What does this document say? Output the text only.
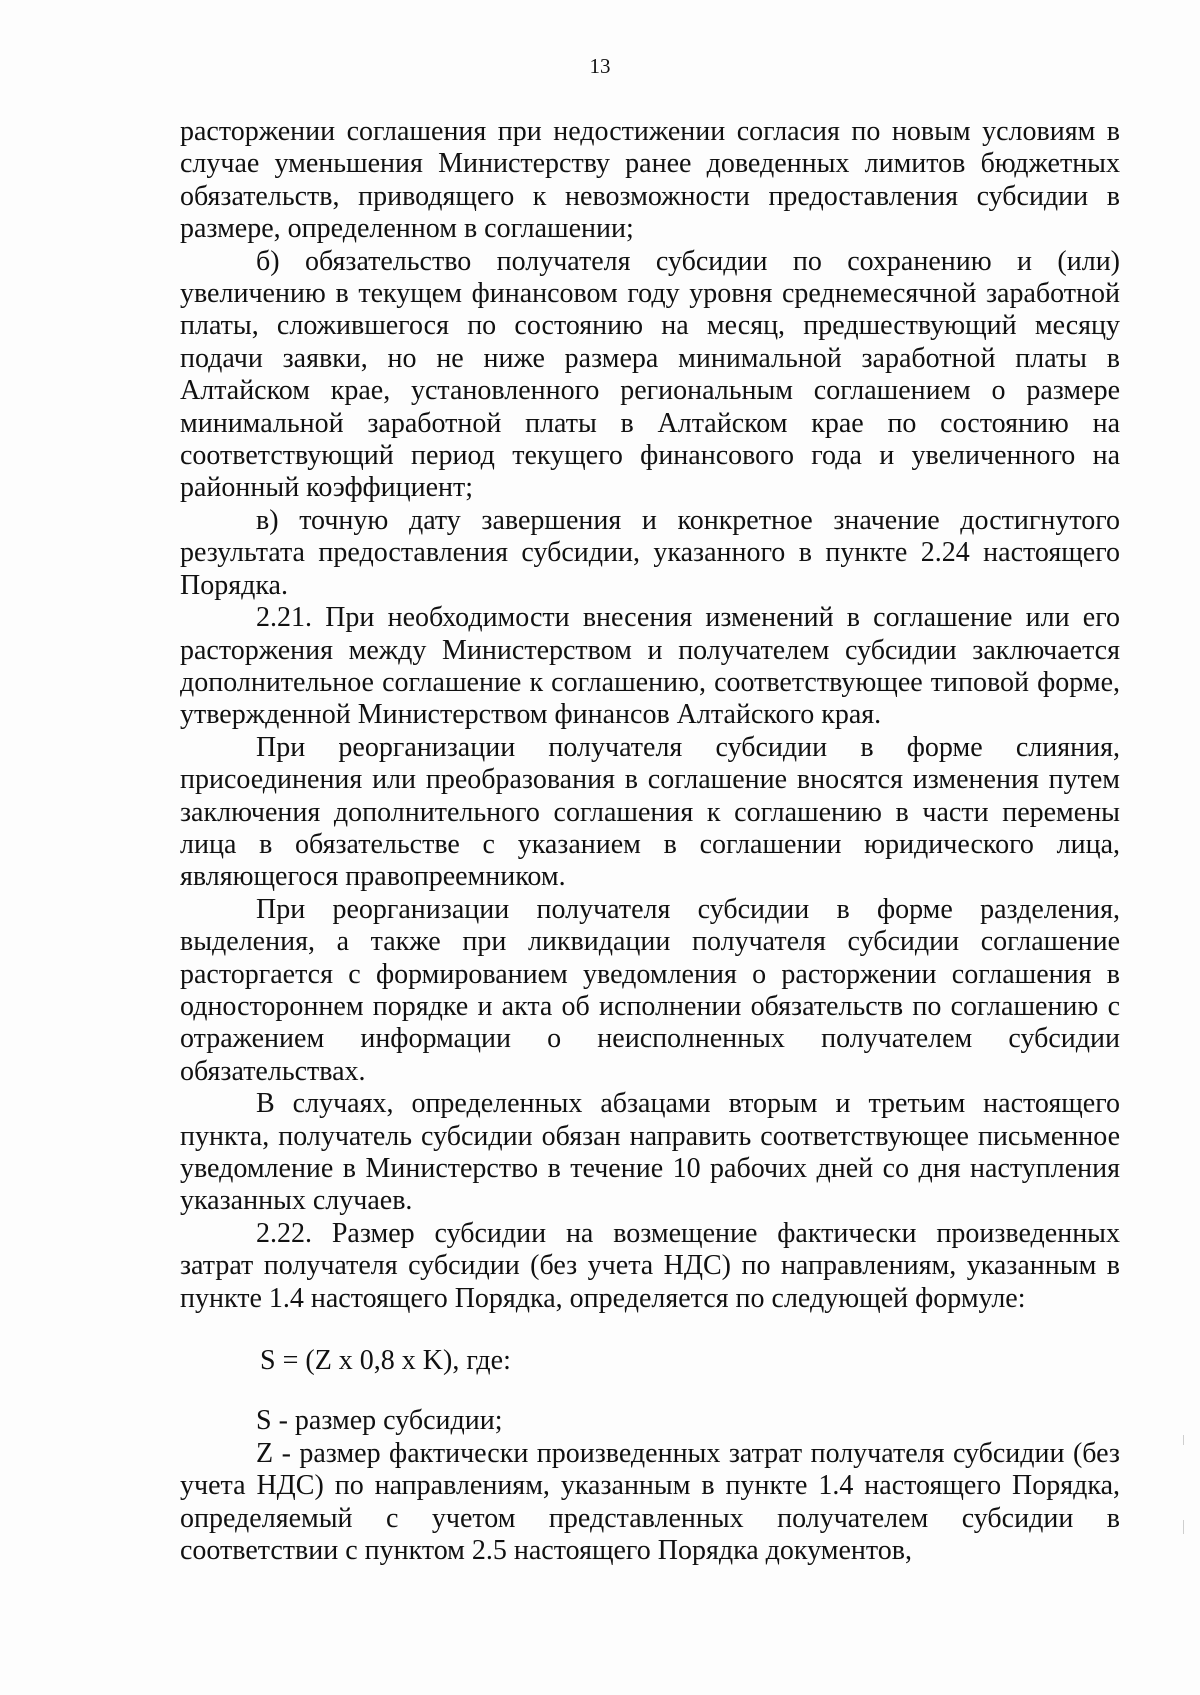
13

расторжении соглашения при недостижении согласия по новым условиям в случае уменьшения Министерству ранее доведенных лимитов бюджетных обязательств, приводящего к невозможности предоставления субсидии в размере, определенном в соглашении;

б) обязательство получателя субсидии по сохранению и (или) увеличению в текущем финансовом году уровня среднемесячной заработной платы, сложившегося по состоянию на месяц, предшествующий месяцу подачи заявки, но не ниже размера минимальной заработной платы в Алтайском крае, установленного региональным соглашением о размере минимальной заработной платы в Алтайском крае по состоянию на соответствующий период текущего финансового года и увеличенного на районный коэффициент;

в) точную дату завершения и конкретное значение достигнутого результата предоставления субсидии, указанного в пункте 2.24 настоящего Порядка.

2.21. При необходимости внесения изменений в соглашение или его расторжения между Министерством и получателем субсидии заключается дополнительное соглашение к соглашению, соответствующее типовой форме, утвержденной Министерством финансов Алтайского края.

При реорганизации получателя субсидии в форме слияния, присоединения или преобразования в соглашение вносятся изменения путем заключения дополнительного соглашения к соглашению в части перемены лица в обязательстве с указанием в соглашении юридического лица, являющегося правопреемником.

При реорганизации получателя субсидии в форме разделения, выделения, а также при ликвидации получателя субсидии соглашение расторгается с формированием уведомления о расторжении соглашения в одностороннем порядке и акта об исполнении обязательств по соглашению с отражением информации о неисполненных получателем субсидии обязательствах.

В случаях, определенных абзацами вторым и третьим настоящего пункта, получатель субсидии обязан направить соответствующее письменное уведомление в Министерство в течение 10 рабочих дней со дня наступления указанных случаев.

2.22. Размер субсидии на возмещение фактически произведенных затрат получателя субсидии (без учета НДС) по направлениям, указанным в пункте 1.4 настоящего Порядка, определяется по следующей формуле:

S = (Z x 0,8 x K), где:

S - размер субсидии;

Z - размер фактически произведенных затрат получателя субсидии (без учета НДС) по направлениям, указанным в пункте 1.4 настоящего Порядка, определяемый с учетом представленных получателем субсидии в соответствии с пунктом 2.5 настоящего Порядка документов,
